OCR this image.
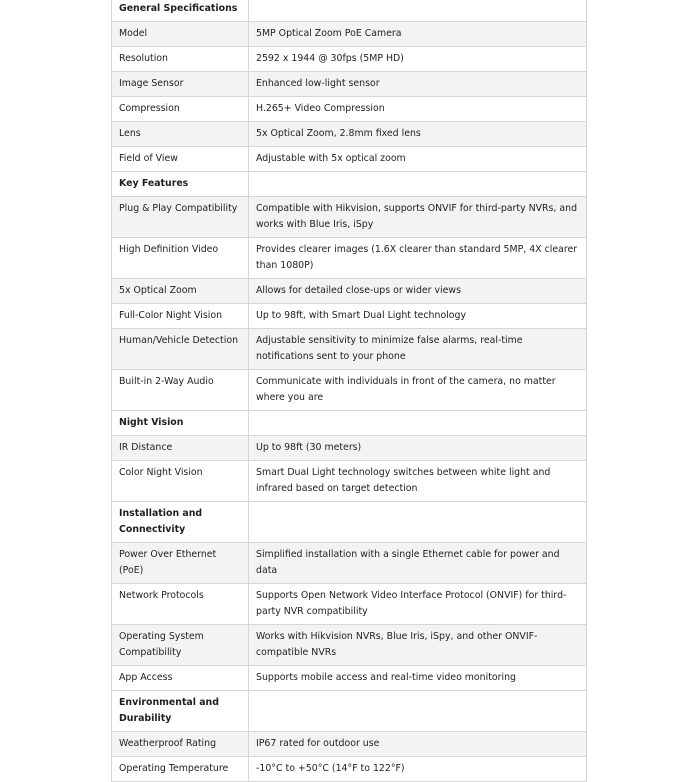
General Specifications	
Model	5MP Optical Zoom PoE Camera
Resolution	2592 x 1944 @ 30fps (5MP HD)
Image Sensor	Enhanced low-light sensor
Compression	H.265+ Video Compression
Lens	5x Optical Zoom, 2.8mm fixed lens
Field of View	Adjustable with 5x optical zoom
Key Features	
Plug & Play Compatibility	Compatible with Hikvision, supports ONVIF for third-party NVRs, and works with Blue Iris, iSpy
High Definition Video	Provides clearer images (1.6X clearer than standard 5MP, 4X clearer than 1080P)
5x Optical Zoom	Allows for detailed close-ups or wider views
Full-Color Night Vision	Up to 98ft, with Smart Dual Light technology
Human/Vehicle Detection	Adjustable sensitivity to minimize false alarms, real-time notifications sent to your phone
Built-in 2-Way Audio	Communicate with individuals in front of the camera, no matter where you are
Night Vision	
IR Distance	Up to 98ft (30 meters)
Color Night Vision	Smart Dual Light technology switches between white light and infrared based on target detection
Installation and Connectivity	
Power Over Ethernet (PoE)	Simplified installation with a single Ethernet cable for power and data
Network Protocols	Supports Open Network Video Interface Protocol (ONVIF) for third-party NVR compatibility
Operating System Compatibility	Works with Hikvision NVRs, Blue Iris, iSpy, and other ONVIF-compatible NVRs
App Access	Supports mobile access and real-time video monitoring
Environmental and Durability	
Weatherproof Rating	IP67 rated for outdoor use
Operating Temperature	-10°C to +50°C (14°F to 122°F)
